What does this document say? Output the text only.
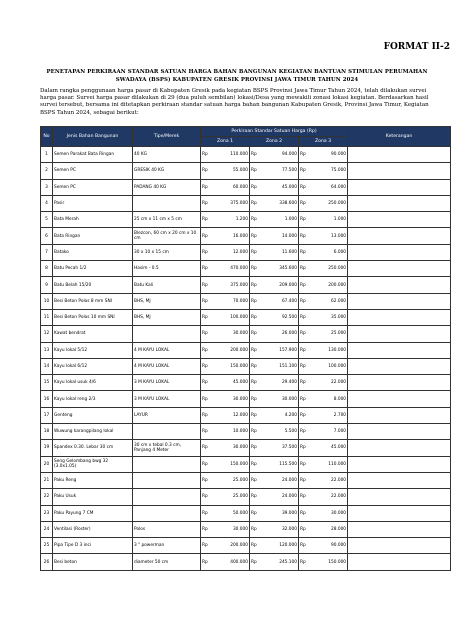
FORMAT II-2
PENETAPAN PERKIRAAN STANDAR SATUAN HARGA BAHAN BANGUNAN KEGIATAN BANTUAN STIMULAN PERUMAHAN
SWADAYA (BSPS) KABUPATEN GRESIK PROVINSI JAWA TIMUR TAHUN 2024
Dalam rangka penggunaan harga pasar di Kabupaten Gresik pada kegiatan BSPS Provinsi Jawa Timur Tahun 2024, telah dilakukan survei harga pasar. Survei harga pasar dilakukan di 29 (dua puluh sembilan) lokasi/Desa yang mewakili zonasi lokasi kegiatan. Berdasarkan hasil survei tersebut, bersama ini ditetapkan perkiraan standar satuan harga bahan bangunan Kabupaten Gresik, Provinsi Jawa Timur, Kegiatan BSPS Tahun 2024, sebagai berikut:
No	Jenis Bahan Bangunan	Tipe/Merek	Perkiraan Standar Satuan Harga (Rp)						Keterangan
			Zona 1		Zona 2		Zona 3		
1	Semen Parakat Bata Ringan	40 KG	Rp	110.000	Rp	94.000	Rp	90.000	
2	Semen PC	GRESIK 40 KG	Rp	55.000	Rp	77.500	Rp	75.000	
3	Semen PC	PADANG 40 KG	Rp	60.000	Rp	45.000	Rp	64.000	
4	Pasir		Rp	375.000	Rp	338.600	Rp	250.000	
5	Bata Merah	25 cm x 11 cm x 5 cm	Rp	1.200	Rp	1.000	Rp	1.000	
6	Bata Ringan	Blezcon, 60 cm x 20 cm x 10 cm	Rp	16.000	Rp	14.000	Rp	13.000	
7	Batako	30 x 10 x 15 cm	Rp	12.000	Rp	11.600	Rp	6.000	
8	Batu Pecah 1/2	Hasim - 0.5	Rp	470.000	Rp	345.600	Rp	250.000	
9	Batu Belah 15/20	Batu Kali	Rp	375.000	Rp	209.000	Rp	200.000	
10	Besi Beton Polos 8 mm SNI	BHS, MJ	Rp	70.000	Rp	67.400	Rp	62.000	
11	Besi Beton Polos 10 mm SNI	BHS, MJ	Rp	100.000	Rp	92.500	Rp	35.000	
12	Kawat bendrat		Rp	30.000	Rp	26.000	Rp	25.000	
13	Kayu lokal 5/12	4 M KAYU LOKAL	Rp	200.000	Rp	157.900	Rp	130.000	
14	Kayu lokal 6/12	4 M KAYU LOKAL	Rp	150.000	Rp	151.100	Rp	100.000	
15	Kayu lokal usuk 4/6	3 M KAYU LOKAL	Rp	45.000	Rp	29.400	Rp	22.000	
16	Kayu lokal reng 2/3	3 M KAYU LOKAL	Rp	30.000	Rp	30.000	Rp	8.000	
17	Genteng	LAYUR	Rp	12.000	Rp	4.200	Rp	2.700	
18	Wuwung karangpilang lokal		Rp	10.000	Rp	5.500	Rp	7.000	
19	Spandex 0.30. Lebar 30 cm	30 cm x tebal 0.3 cm, Panjang 4 Meter	Rp	30.000	Rp	37.500	Rp	45.000	
20	Seng Gelombang bwg 32 (3.0x1.05)		Rp	150.000	Rp	115.500	Rp	110.000	
21	Paku Reng		Rp	25.000	Rp	24.000	Rp	22.000	
22	Paku Usuk		Rp	25.000	Rp	24.000	Rp	22.000	
23	Paku Payung 7 CM		Rp	50.000	Rp	39.000	Rp	30.000	
24	Ventilasi (Roster)	Polos	Rp	30.000	Rp	32.000	Rp	28.000	
25	Pipa Tipe D 3 inci	3 " powerman	Rp	200.000	Rp	120.000	Rp	90.000	
26	Besi beton	diameter 50 cm	Rp	400.000	Rp	245.100	Rp	150.000	
